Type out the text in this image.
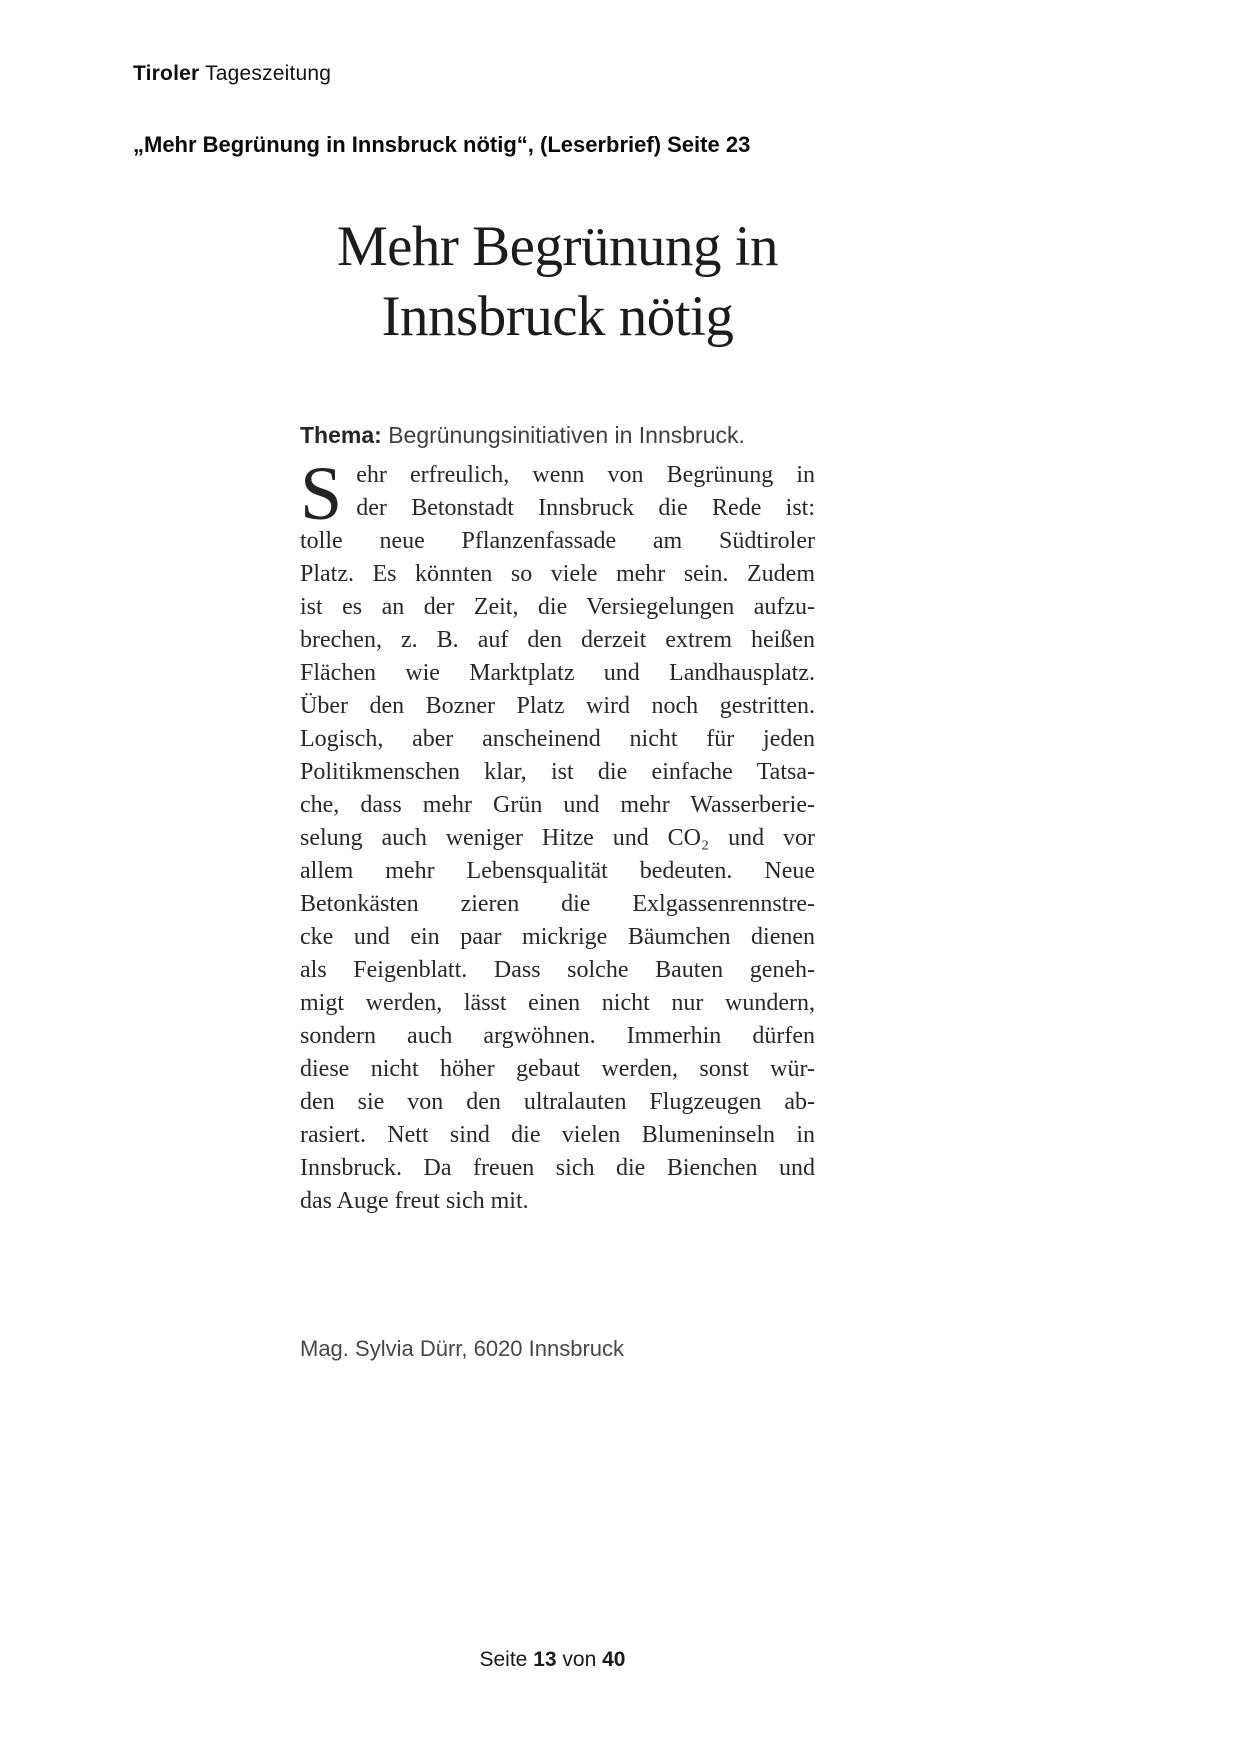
Tiroler Tageszeitung
„Mehr Begrünung in Innsbruck nötig“, (Leserbrief) Seite 23
Mehr Begrünung in
Innsbruck nötig
Thema: Begrünungsinitiativen in Innsbruck.
S ehr erfreulich, wenn von Begrünung in
der Betonstadt Innsbruck die Rede ist:
tolle neue Pflanzenfassade am Südtiroler
Platz. Es könnten so viele mehr sein. Zudem
ist es an der Zeit, die Versiegelungen aufzu-
brechen, z. B. auf den derzeit extrem heißen
Flächen wie Marktplatz und Landhausplatz.
Über den Bozner Platz wird noch gestritten.
Logisch, aber anscheinend nicht für jeden
Politikmenschen klar, ist die einfache Tatsa-
che, dass mehr Grün und mehr Wasserberie-
selung auch weniger Hitze und CO₂ und vor
allem mehr Lebensqualität bedeuten. Neue
Betonkästen zieren die Exlgassenrennstre-
cke und ein paar mickrige Bäumchen dienen
als Feigenblatt. Dass solche Bauten geneh-
migt werden, lässt einen nicht nur wundern,
sondern auch argwöhnen. Immerhin dürfen
diese nicht höher gebaut werden, sonst wür-
den sie von den ultralauten Flugzeugen ab-
rasiert. Nett sind die vielen Blumeninseln in
Innsbruck. Da freuen sich die Bienchen und
das Auge freut sich mit.
Mag. Sylvia Dürr, 6020 Innsbruck
Seite 13 von 40
